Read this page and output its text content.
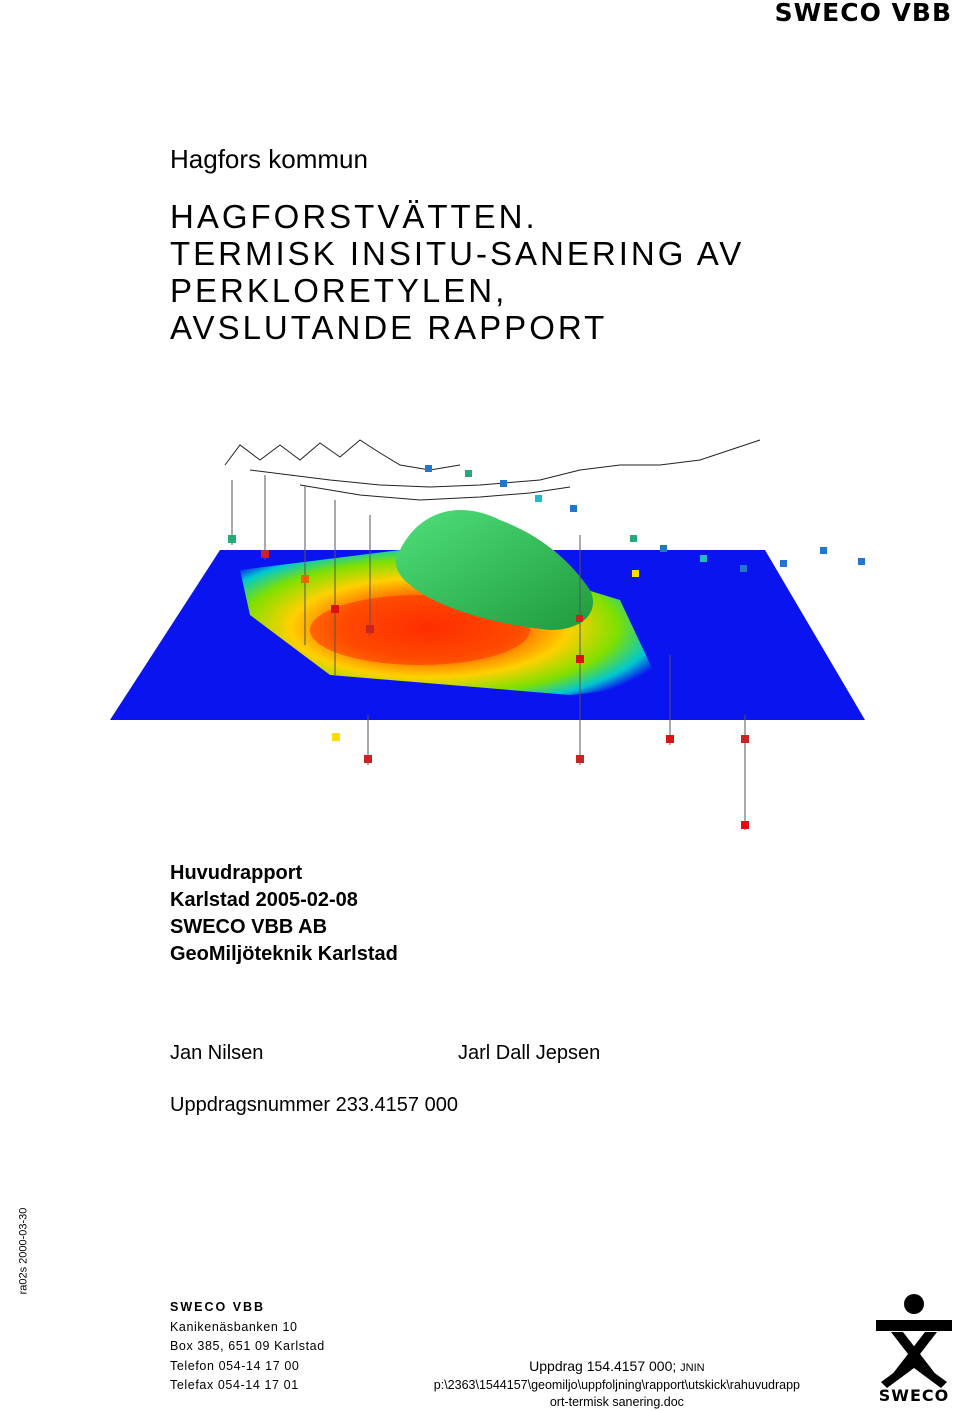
SWECO VBB
Hagfors kommun
HAGFORSTVÄTTEN.
TERMISK INSITU-SANERING AV
PERKLORETYLEN,
AVSLUTANDE RAPPORT
Huvudrapport
Karlstad 2005-02-08
SWECO VBB AB
GeoMiljöteknik Karlstad
Jan Nilsen	Jarl Dall Jepsen
Uppdragsnummer 233.4157 000
ra02s 2000-03-30
SWECO VBB
Kanikenäsbanken 10
Box 385, 651 09 Karlstad
Telefon 054-14 17 00
Telefax 054-14 17 01
Uppdrag 154.4157 000; JNIN
p:\2363\1544157\geomiljo\uppfoljning\rapport\utskick\rahuvudrapp
ort-termisk sanering.doc	SWECO
